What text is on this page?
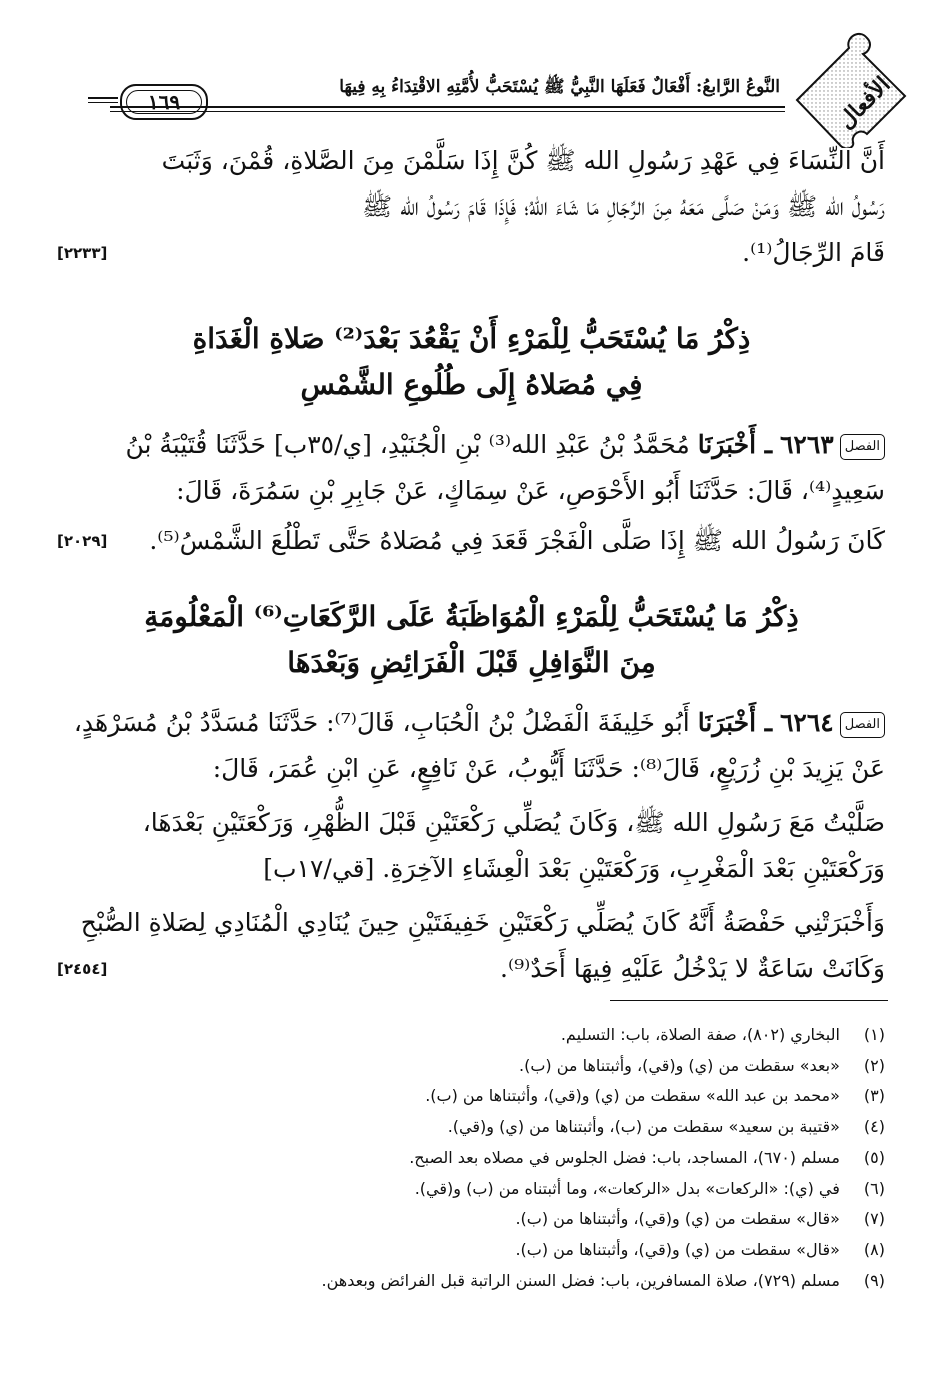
١٦٩
النَّوعُ الرَّابعُ: أَفْعَالٌ فَعَلَهَا النَّبِيُّ ﷺ يُسْتَحَبُّ لأُمَّتِهِ الاقْتِدَاءُ بِهِ فِيهَا الأفعال
أَنَّ النِّسَاءَ فِي عَهْدِ رَسُولِ الله ﷺ كُنَّ إِذَا سَلَّمْنَ مِنَ الصَّلاةِ، قُمْنَ، وَثَبَتَ
رَسُولُ الله ﷺ وَمَنْ صَلَّى مَعَهُ مِنَ الرِّجَالِ مَا شَاءَ اللهُ؛ فَإِذَا قَامَ رَسُولُ الله ﷺ
قَامَ الرِّجَالُ⁽¹⁾.
[٢٢٣٣]
ذِكْرُ مَا يُسْتَحَبُّ لِلْمَرْءِ أَنْ يَقْعُدَ بَعْدَ⁽²⁾ صَلاةِ الْغَدَاةِ
فِي مُصَلاهُ إِلَى طُلُوعِ الشَّمْسِ
الفصل٦٢٦٣ ـ أَخْبَرَنَا مُحَمَّدُ بْنُ عَبْدِ الله⁽³⁾ بْنِ الْجُنَيْدِ، [ي/٣٥ب] حَدَّثَنَا قُتَيْبَةُ بْنُ
سَعِيدٍ⁽⁴⁾، قَالَ: حَدَّثَنَا أَبُو الأَحْوَصِ، عَنْ سِمَاكٍ، عَنْ جَابِرِ بْنِ سَمُرَةَ، قَالَ:
كَانَ رَسُولُ الله ﷺ إِذَا صَلَّى الْفَجْرَ قَعَدَ فِي مُصَلاهُ حَتَّى تَطْلُعَ الشَّمْسُ⁽⁵⁾.
[٢٠٢٩]
ذِكْرُ مَا يُسْتَحَبُّ لِلْمَرْءِ الْمُوَاظَبَةُ عَلَى الرَّكَعَاتِ⁽⁶⁾ الْمَعْلُومَةِ
مِنَ النَّوَافِلِ قَبْلَ الْفَرَائِضِ وَبَعْدَهَا
الفصل٦٢٦٤ ـ أَخْبَرَنَا أَبُو خَلِيفَةَ الْفَضْلُ بْنُ الْحُبَابِ، قَالَ⁽⁷⁾: حَدَّثَنَا مُسَدَّدُ بْنُ مُسَرْهَدٍ،
عَنْ يَزِيدَ بْنِ زُرَيْعٍ، قَالَ⁽⁸⁾: حَدَّثَنَا أَيُّوبُ، عَنْ نَافِعٍ، عَنِ ابْنِ عُمَرَ، قَالَ:
صَلَّيْتُ مَعَ رَسُولِ الله ﷺ، وَكَانَ يُصَلِّي رَكْعَتَيْنِ قَبْلَ الظُّهْرِ، وَرَكْعَتَيْنِ بَعْدَهَا،
وَرَكْعَتَيْنِ بَعْدَ الْمَغْرِبِ، وَرَكْعَتَيْنِ بَعْدَ الْعِشَاءِ الآخِرَةِ. [قي/١٧ب]
وَأَخْبَرَتْنِي حَفْصَةُ أَنَّهُ كَانَ يُصَلِّي رَكْعَتَيْنِ خَفِيفَتَيْنِ حِينَ يُنَادِي الْمُنَادِي لِصَلاةِ الصُّبْحِ
وَكَانَتْ سَاعَةٌ لا يَدْخُلُ عَلَيْهِ فِيهَا أَحَدٌ⁽⁹⁾.
[٢٤٥٤]
(١) البخاري (٨٠٢)، صفة الصلاة، باب: التسليم.
(٢) «بعد» سقطت من (ي) و(قي)، وأثبتناها من (ب).
(٣) «محمد بن عبد الله» سقطت من (ي) و(قي)، وأثبتناها من (ب).
(٤) «قتيبة بن سعيد» سقطت من (ب)، وأثبتناها من (ي) و(قي).
(٥) مسلم (٦٧٠)، المساجد، باب: فضل الجلوس في مصلاه بعد الصبح.
(٦) في (ي): «الركعات» بدل «الركعات»، وما أثبتناه من (ب) و(قي).
(٧) «قال» سقطت من (ي) و(قي)، وأثبتناها من (ب).
(٨) «قال» سقطت من (ي) و(قي)، وأثبتناها من (ب).
(٩) مسلم (٧٢٩)، صلاة المسافرين، باب: فضل السنن الراتبة قبل الفرائض وبعدهن.
